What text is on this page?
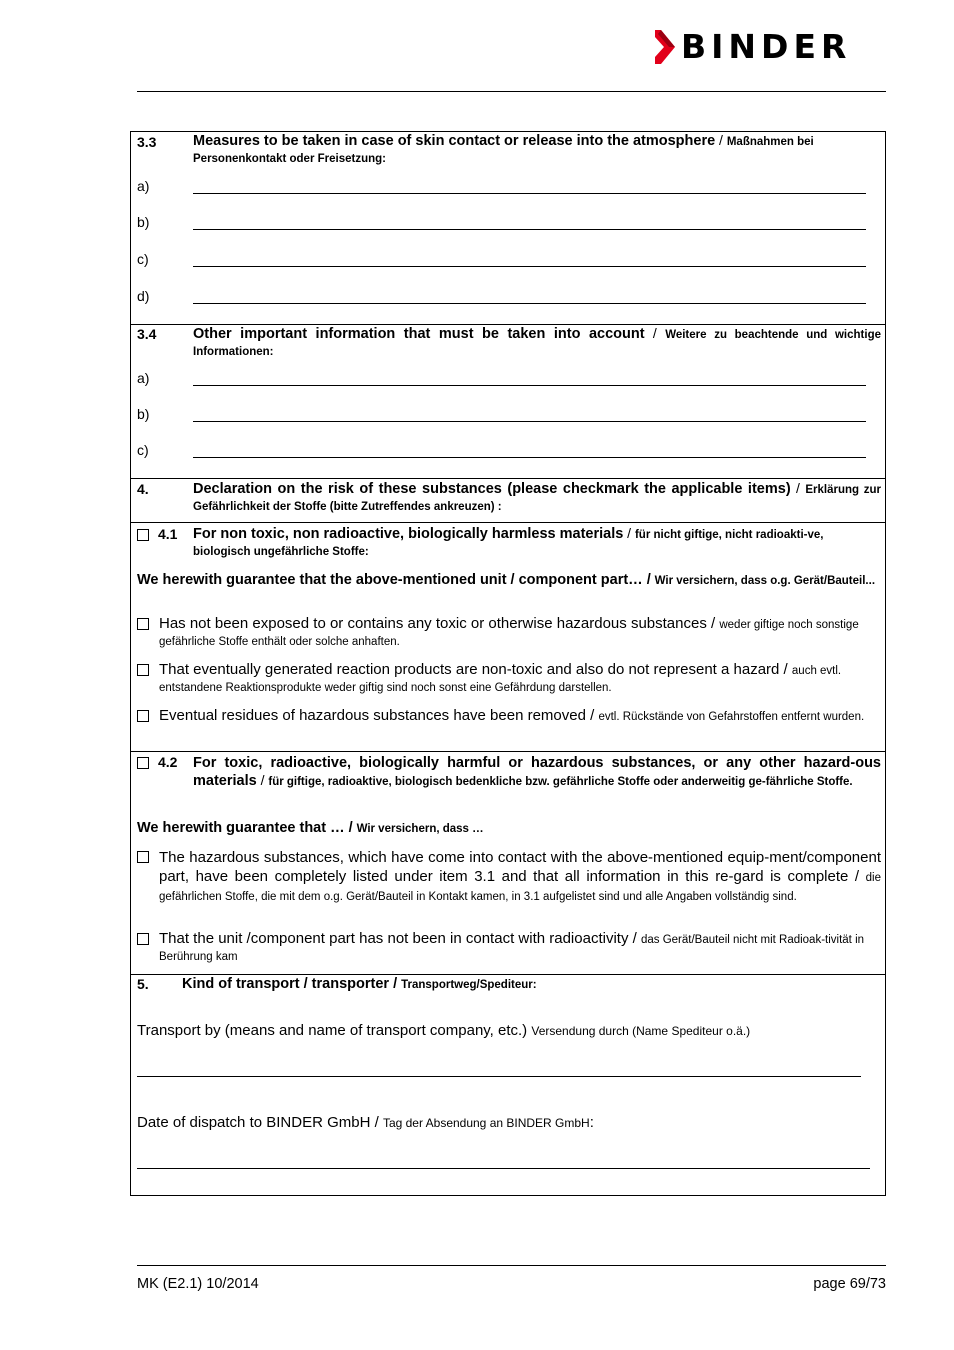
BINDER
3.3	Measures to be taken in case of skin contact or release into the atmosphere / Maßnahmen bei Personenkontakt oder Freisetzung:
a)
b)
c)
d)
3.4	Other important information that must be taken into account / Weitere zu beachtende und wichtige Informationen:
a)
b)
c)
4.	Declaration on the risk of these substances (please checkmark the applicable items) / Erklärung zur Gefährlichkeit der Stoffe (bitte Zutreffendes ankreuzen) :
4.1 For non toxic, non radioactive, biologically harmless materials / für nicht giftige, nicht radioakti-ve, biologisch ungefährliche Stoffe:
We herewith guarantee that the above-mentioned unit / component part… / Wir versichern, dass o.g. Gerät/Bauteil...
Has not been exposed to or contains any toxic or otherwise hazardous substances / weder giftige noch sonstige gefährliche Stoffe enthält oder solche anhaften.
That eventually generated reaction products are non-toxic and also do not represent a hazard / auch evtl. entstandene Reaktionsprodukte weder giftig sind noch sonst eine Gefährdung darstellen.
Eventual residues of hazardous substances have been removed / evtl. Rückstände von Gefahrstoffen entfernt wurden.
4.2 For toxic, radioactive, biologically harmful or hazardous substances, or any other hazard-ous materials / für giftige, radioaktive, biologisch bedenkliche bzw. gefährliche Stoffe oder anderweitig ge-fährliche Stoffe.
We herewith guarantee that … / Wir versichern, dass …
The hazardous substances, which have come into contact with the above-mentioned equip-ment/component part, have been completely listed under item 3.1 and that all information in this re-gard is complete / die gefährlichen Stoffe, die mit dem o.g. Gerät/Bauteil in Kontakt kamen, in 3.1 aufgelistet sind und alle Angaben vollständig sind.
That the unit /component part has not been in contact with radioactivity / das Gerät/Bauteil nicht mit Radioak-tivität in Berührung kam
5. Kind of transport / transporter / Transportweg/Spediteur:
Transport by (means and name of transport company, etc.) Versendung durch (Name Spediteur o.ä.)
Date of dispatch to BINDER GmbH / Tag der Absendung an BINDER GmbH:
MK (E2.1) 10/2014	page 69/73
